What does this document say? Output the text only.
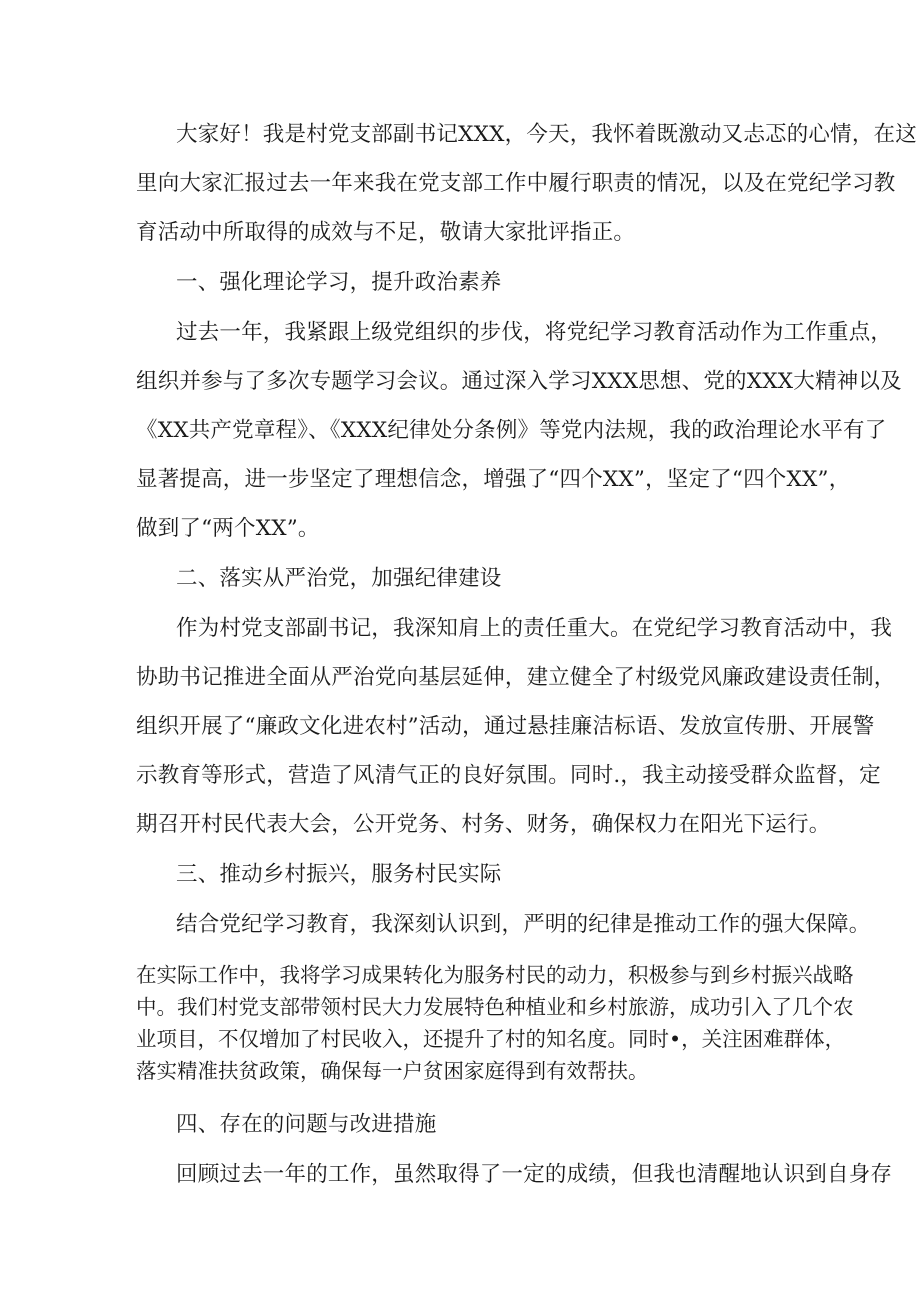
大家好！我是村党支部副书记XXX，今天，我怀着既激动又忐忑的心情，在这

里向大家汇报过去一年来我在党支部工作中履行职责的情况，以及在党纪学习教

育活动中所取得的成效与不足，敬请大家批评指正。

一、强化理论学习，提升政治素养

过去一年，我紧跟上级党组织的步伐，将党纪学习教育活动作为工作重点，

组织并参与了多次专题学习会议。通过深入学习XXX思想、党的XXX大精神以及

《XX共产党章程》、《XXX纪律处分条例》等党内法规，我的政治理论水平有了

显著提高，进一步坚定了理想信念，增强了“四个XX”，坚定了“四个XX”，

做到了“两个XX”。

二、落实从严治党，加强纪律建设

作为村党支部副书记，我深知肩上的责任重大。在党纪学习教育活动中，我

协助书记推进全面从严治党向基层延伸，建立健全了村级党风廉政建设责任制，

组织开展了“廉政文化进农村”活动，通过悬挂廉洁标语、发放宣传册、开展警

示教育等形式，营造了风清气正的良好氛围。同时.，我主动接受群众监督，定

期召开村民代表大会，公开党务、村务、财务，确保权力在阳光下运行。

三、推动乡村振兴，服务村民实际

结合党纪学习教育，我深刻认识到，严明的纪律是推动工作的强大保障。

在实际工作中，我将学习成果转化为服务村民的动力，积极参与到乡村振兴战略

中。我们村党支部带领村民大力发展特色种植业和乡村旅游，成功引入了几个农

业项目，不仅增加了村民收入，还提升了村的知名度。同时•，关注困难群体，

落实精准扶贫政策，确保每一户贫困家庭得到有效帮扶。

四、存在的问题与改进措施

回顾过去一年的工作，虽然取得了一定的成绩，但我也清醒地认识到自身存
